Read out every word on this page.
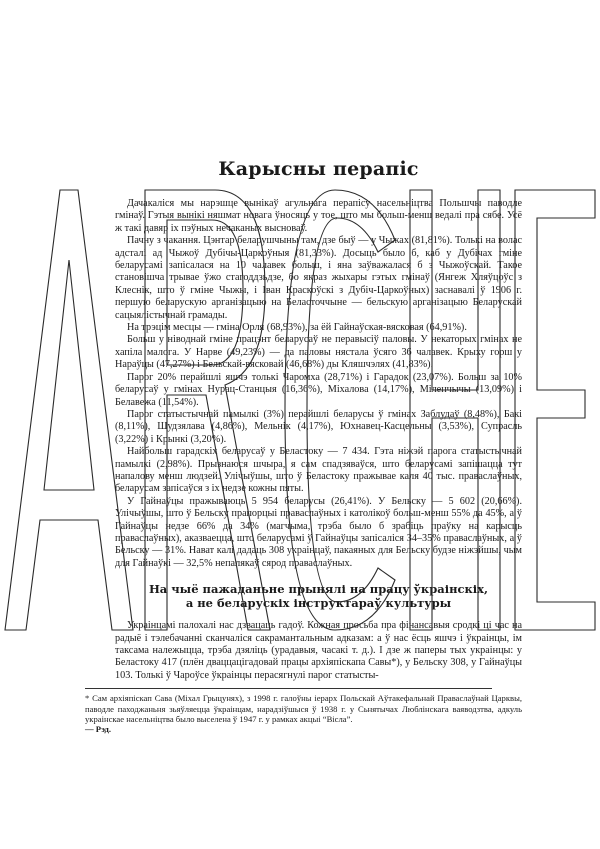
Карысны перапіс

Дачакаліся мы нарэшце вынікаў агульнага перапісу насельніцтва Польшчы паводле гмінаў. Гэтыя вынікі няшмат новага ўносяць у тое, што мы больш-менш ведалі пра сябе. Усё ж такі давяр іх пэўных нечаканых высноваў.

Пачну з чакання. Цэнтар беларушчыны там, дзе быў — у Чыжах (81,81%). Толькі на волас адсталі ад Чыжоў Дубічы-Царкоўныя (81,33%). Досыць было б, каб у Дубічах гміне беларусамі запісалася на 10 чалавек больш, і яна заўважалася б з Чыжоўскай. Такое становішча трывае ўжо стагоддзьдзе, бо якраз жыхары гэтых гмінаў (Янгеж Хляўцоўс з Клеснік, што ў гміне Чыжы, і Іван Краскоўскі з Дубіч-Царкоўных) заснавалі ў 1906 г. першую беларускую арганізацыю на Беласточчыне — бельскую арганізацыю Беларускай сацыялістычнай грамады.

На трэцім месцы — гміна Орля (68,93%), за ёй Гайнаўская-вясковая (64,91%).

Больш у ніводнай гміне працэнт беларусаў не перавысіў паловы. У некаторых гмінах не хапіла малога. У Нарве (49,23%) — да паловы нястала ўсяго 36 чалавек. Крыху горш у Нараўцы (47,27%) і Бельскай-вясковай (46,68%) ды Кляшчэлях (41,83%).

Парог 20% перайшлі яшчэ толькі Чаромха (28,71%) і Гарадок (23,07%). Больш за 10% беларусаў у гмінах Нурац-Станцыя (16,36%), Міхалова (14,17%), Міленчычы (13,09%) і Белавежа (11,54%).

Парог статыстычнай памылкі (3%) перайшлі беларусы ў гмінах Заблудаў (8,48%), Бакі (8,11%), Шудзялава (4,86%), Мельнік (4,17%), Юхнавец-Касцельны (3,53%), Супрасль (3,22%) і Крынкі (3,20%).

Найбольш гарадскіх беларусаў у Беластоку — 7 434. Гэта ніжэй парога статыстычнай памылкі (2,98%). Прызнаюся шчыра, я сам спадзяваўся, што беларусамі запішацца тут напалову менш людзей. Улічыўшы, што ў Беластоку пражывае каля 40 тыс. праваслаўных, беларусам запісаўся з іх недзе кожны пяты.

У Гайнаўцы пражываюць 5 954 беларусы (26,41%). У Бельску — 5 602 (20,66%). Улічыўшы, што ў Бельску прапорцыі праваслаўных і католікоў больш-менш 55% да 45%, а ў Гайнаўцы недзе 66% да 34% (магчыма, трэба было б зрабіць праўку на карысць праваслаўных), аказваецца, што беларусамі ў Гайнаўцы запісаліся 34–35% праваслаўных, а ў Бельску — 31%. Нават калі дадаць 308 украінцаў, пакаяных для Бельску будзе ніжэйшы, чым для Гайнаўкі — 32,5% непалякаў сярод праваслаўных.

На чыё пажаданьне прынялі на працу ўкраінскіх,
а не беларускіх інструктараў культуры

Украінцамі палохалі нас дзвацаць гадоў. Кожная просьба пра фінансавыя сродкі ці час на радыё і тэлебачанні сканчаліся сакрамантальным адказам: а ў нас ёсць яшчэ і ўкраінцы, ім таксама належыцца, трэба дзяліць (урадавыя, часакі т. д.). І дзе ж паперы тых украінцы: у Беластоку 417 (плён дваццацігадовай працы архіяпіскапа Савы*), у Бельску 308, у Гайнаўцы 103. Толькі ў Чароўсе ўкраінцы перасягнулі парог статысты-

* Сам архіяпіскап Сава (Міхал Грыцунях), з 1998 г. галоўны іерарх Польскай Аўтакефальнай Праваслаўнай Царквы, паводле паходжаньня зьяўляецца ўкраінцам, нарадзіўшыся ў 1938 г. у Сьнятычах Люблінскага ваяводзтва, адкуль украінскае насельніцтва было выселена ў 1947 г. у рамках акцыі “Вісла”.
— Рэд.
